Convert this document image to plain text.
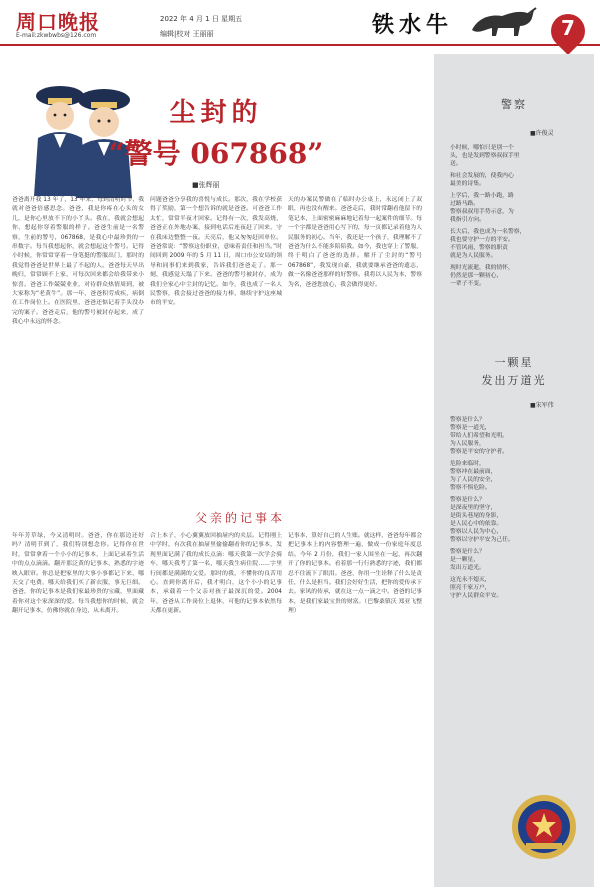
周口晚报
E-mail:zkwbwbs@126.com
2022 年 4 月 1 日 星期五
编辑|校对 王丽丽	铁水牛	7
尘封的
“警号 067868”
■张辉丽
爸爸离开我 13 年了，13 年来，每到清明时节，我就对爸爸倍感思念。爸爸，我是你疼在心头的女儿，是你心里放不下的小丫头。我在，我就会想起你，想起你穿着警服的样子。爸爸生前是一名警察，生前的警号，067868，是我心中最珍贵的一串数字。每当我想起你，就会想起这个警号。记得小时候，你常常穿着一身笔挺的警服出门，那时的我觉得爸爸是世界上最了不起的人。爸爸每天早出晚归，常常顾不上家，可每次回来都会给我带来小惊喜。爸爸工作兢兢业业，对待群众热情周到，被大家称为“老黄牛”。那一年，爸爸积劳成疾，病倒在工作岗位上。在医院里，爸爸还惦记着手头没办完的案子。爸爸走后，他的警号被封存起来，成了我心中永远的怀念。
问题爸爸分享我的喜悦与成长。那次，我在学校获得了奖励，第一个想告诉的就是爸爸。可爸爸工作太忙，常常半夜才回家。记得有一次，我发高烧，爸爸正在外地办案，接到电话后连夜赶了回来，守在我床边整整一夜。天亮后，他又匆匆赶回单位。爸爸常说：“警察这份职业，意味着责任和担当。”时间回到 2009 年的 5 月 11 日，周口市公安局的领导和同事们来到我家，告诉我们爸爸走了。那一刻，我感觉天塌了下来。爸爸的警号被封存，成为我们全家心中尘封的记忆。如今，我也成了一名人民警察，我会接过爸爸的接力棒，继续守护这座城市的平安。
天的办案民警做在了临时办公桌上，永远闭上了双眼，再也没有醒来。爸爸走后，我时常翻看他留下的笔记本，上面密密麻麻地记着每一起案件的细节。每一个字都是爸爸用心写下的，每一页都记录着他为人民服务的初心。当年，我还是一个孩子，我理解不了爸爸为什么不能多陪陪我。如今，我也穿上了警服，终于明白了爸爸的选择。解开了尘封的“警号 067868”，我发现自豪，我就要继承爸爸的遗志，做一名像爸爸那样的好警察。我将以人民为本，警察为名，爸爸您放心，我会做得更好。
父亲的记事本
年年芳草绿，今又清明时。爸爸，你在那边还好吗？清明节到了，我们特别想念你。记得你在世时，常常拿着一个小小的记事本，上面记录着生活中的点点滴滴。翻开那泛黄的记事本，熟悉的字迹映入眼帘。你总是把家里的大事小事都记下来，哪天交了电费，哪天给我们买了新衣服，事无巨细。爸爸，你的记事本是我们家最珍贵的宝藏，里面藏着你对这个家深深的爱。每当我想你的时候，就会翻开记事本，仿佛你就在身边，从未离开。
合上本子，小心翼翼放回抽屉内的夹层。记得刚上中学时，有次我在抽屉里偷偷翻看你的记事本，发现里面记满了我的成长点滴：哪天我第一次学会骑车，哪天我考了第一名，哪天我生病住院……字里行间都是满满的父爱。那时的我，不懂你的良苦用心。直到你离开后，我才明白，这个小小的记事本，承载着一个父亲对孩子最深沉的爱。2004 年，爸爸从工作岗位上退休，可他的记事本依然每天都在更新。
记事本，算好自己的人生账。就这样，爸爸每年都会把记事本上的内容整理一遍，做成一份家庭年度总结。今年 2 月份，我们一家人围坐在一起，再次翻开了你的记事本。看着那一行行熟悉的字迹，我们都忍不住流下了眼泪。爸爸，你用一生诠释了什么是责任，什么是担当。我们会好好生活，把你的爱传承下去。家风的传承，就在这一点一滴之中。爸爸的记事本，是我们家最宝贵的财富。（巴黎桑镇沃 郑亚飞整理）
警察
■许俊灵
小时候，哪怕只是别一个
头，也是发到警察叔叔手里
送。
和社会发展的，使我内心
最美的诗集。
上学后，我一路小跑，路
过路马路。
警察叔叔用手势示意，为
我指引方向。
长大后，我也成为一名警察，
我也要守护一方的平安。
不管风雨，警察的职责
就是为人民服务。
现时光流逝，我的情怀，
仍然是那一颗初心，
一辈子不变。
一颗星
发出万道光
■宋军伟
警察是什么？
警察是一道光，
带给人们希望和光明。
为人民服务，
警察是平安的守护者。
危险来临时，
警察冲在最前面，
为了人民的安全，
警察不惧危险。
警察是什么？
是深夜里的坚守，
是街头巷尾的身影，
是人民心中的依靠。
警察以人民为中心，
警察以守护平安为己任。
警察是什么？
是一颗星，
发出万道光。
这光永不熄灭，
照亮千家万户，
守护人民群众平安。
